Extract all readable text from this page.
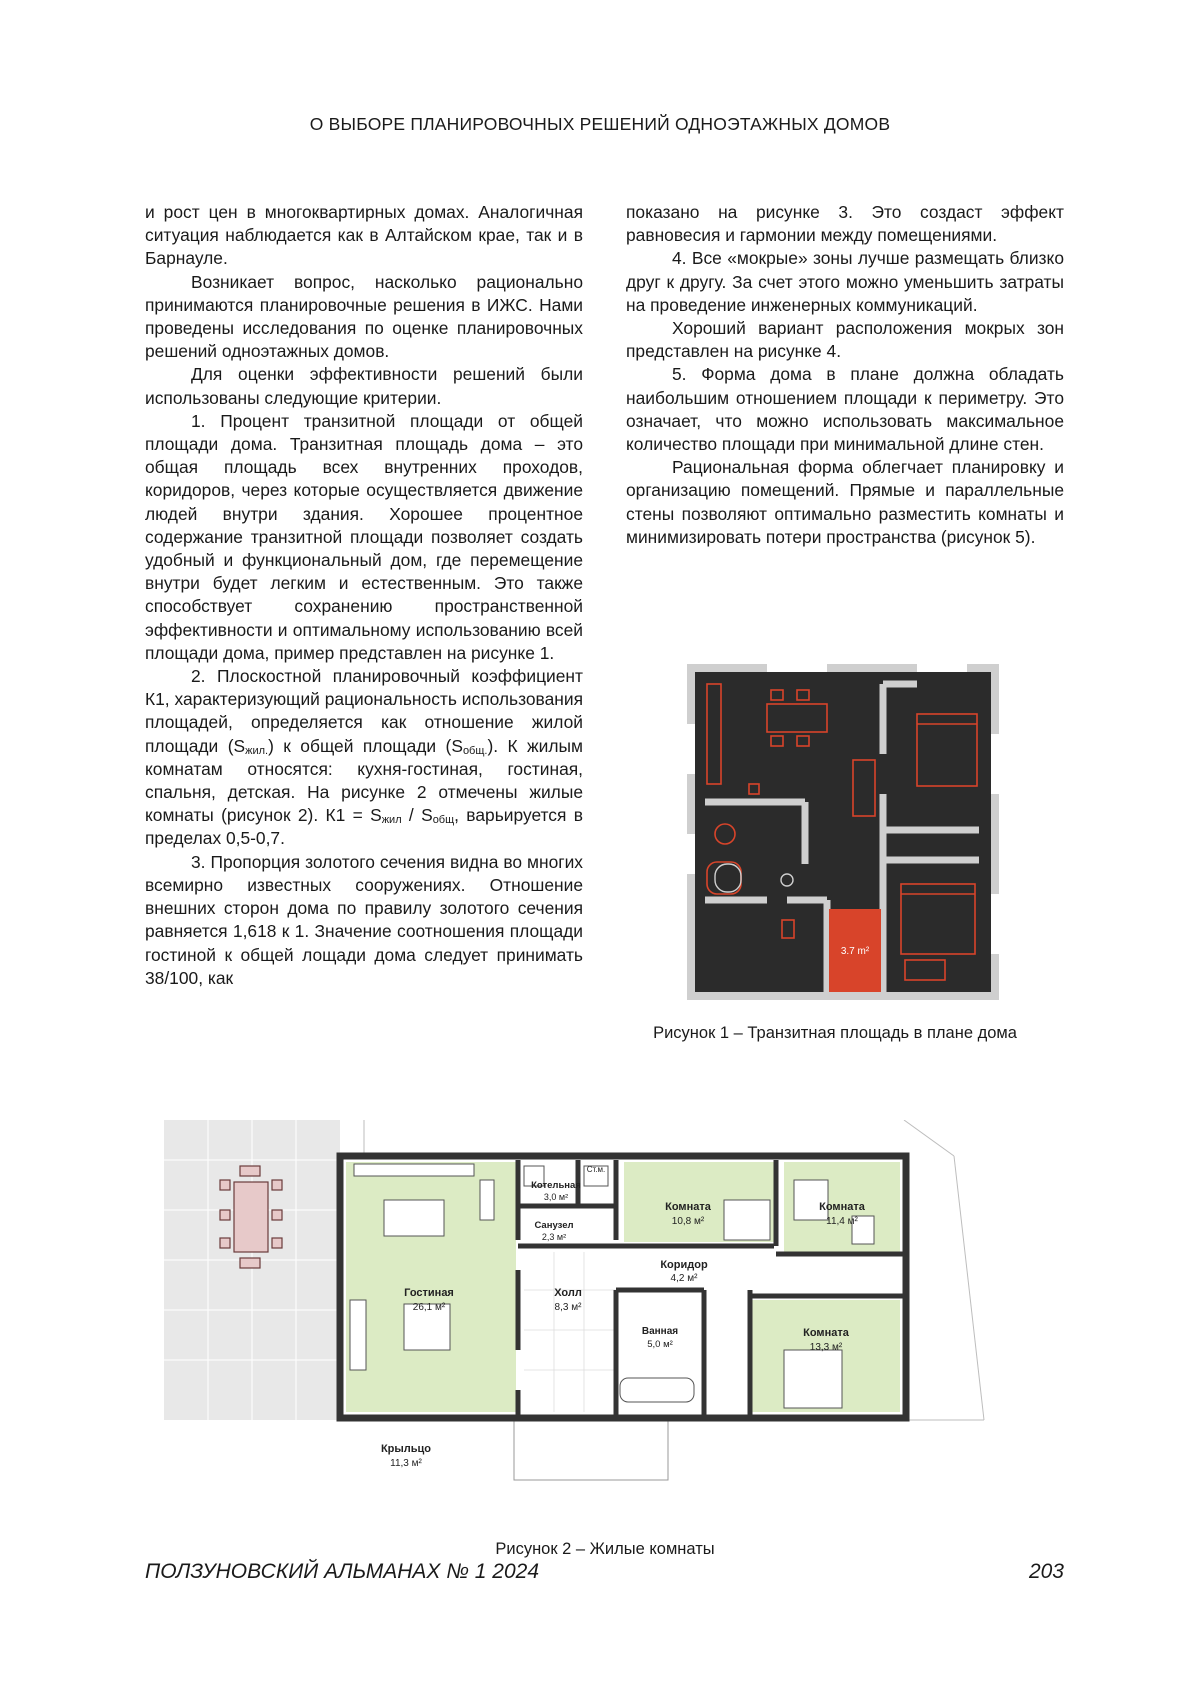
О ВЫБОРЕ ПЛАНИРОВОЧНЫХ РЕШЕНИЙ ОДНОЭТАЖНЫХ ДОМОВ

и рост цен в многоквартирных домах. Аналогичная ситуация наблюдается как в Алтайском крае, так и в Барнауле.

Возникает вопрос, насколько рационально принимаются планировочные решения в ИЖС. Нами проведены исследования по оценке планировочных решений одноэтажных домов.

Для оценки эффективности решений были использованы следующие критерии.

1. Процент транзитной площади от общей площади дома. Транзитная площадь дома – это общая площадь всех внутренних проходов, коридоров, через которые осуществляется движение людей внутри здания. Хорошее процентное содержание транзитной площади позволяет создать удобный и функциональный дом, где перемещение внутри будет легким и естественным. Это также способствует сохранению пространственной эффективности и оптимальному использованию всей площади дома, пример представлен на рисунке 1.

2. Плоскостной планировочный коэффициент К1, характеризующий рациональность использования площадей, определяется как отношение жилой площади $(S_{жил.})$ к общей площади $(S_{общ.})$. К жилым комнатам относятся: кухня-гостиная, гостиная, спальня, детская. На рисунке 2 отмечены жилые комнаты (рисунок 2). $К1 = S_{жил} / S_{общ}$, варьируется в пределах 0,5-0,7.

3. Пропорция золотого сечения видна во многих всемирно известных сооружениях. Отношение внешних сторон дома по правилу золотого сечения равняется 1,618 к 1. Значение соотношения площади гостиной к общей лощади дома следует принимать 38/100, как

показано на рисунке 3. Это создаст эффект равновесия и гармонии между помещениями.

4. Все «мокрые» зоны лучше размещать близко друг к другу. За счет этого можно уменьшить затраты на проведение инженерных коммуникаций.

Хороший вариант расположения мокрых зон представлен на рисунке 4.

5. Форма дома в плане должна обладать наибольшим отношением площади к периметру. Это означает, что можно использовать максимальное количество площади при минимальной длине стен.

Рациональная форма облегчает планировку и организацию помещений. Прямые и параллельные стены позволяют оптимально разместить комнаты и минимизировать потери пространства (рисунок 5).

3.7 m²
Рисунок 1 – Транзитная площадь в плане дома
Гостиная
26,1 м²
Котельная
3,0 м²
Санузел
2,3 м²
Ст.м.
Комната
10,8 м²
Комната
11,4 м²
Коридор
4,2 м²
Холл
8,3 м²
Ванная
5,0 м²
Комната
13,3 м²
Крыльцо
11,3 м²
Рисунок 2 – Жилые комнаты
ПОЛЗУНОВСКИЙ АЛЬМАНАХ № 1 2024	203
